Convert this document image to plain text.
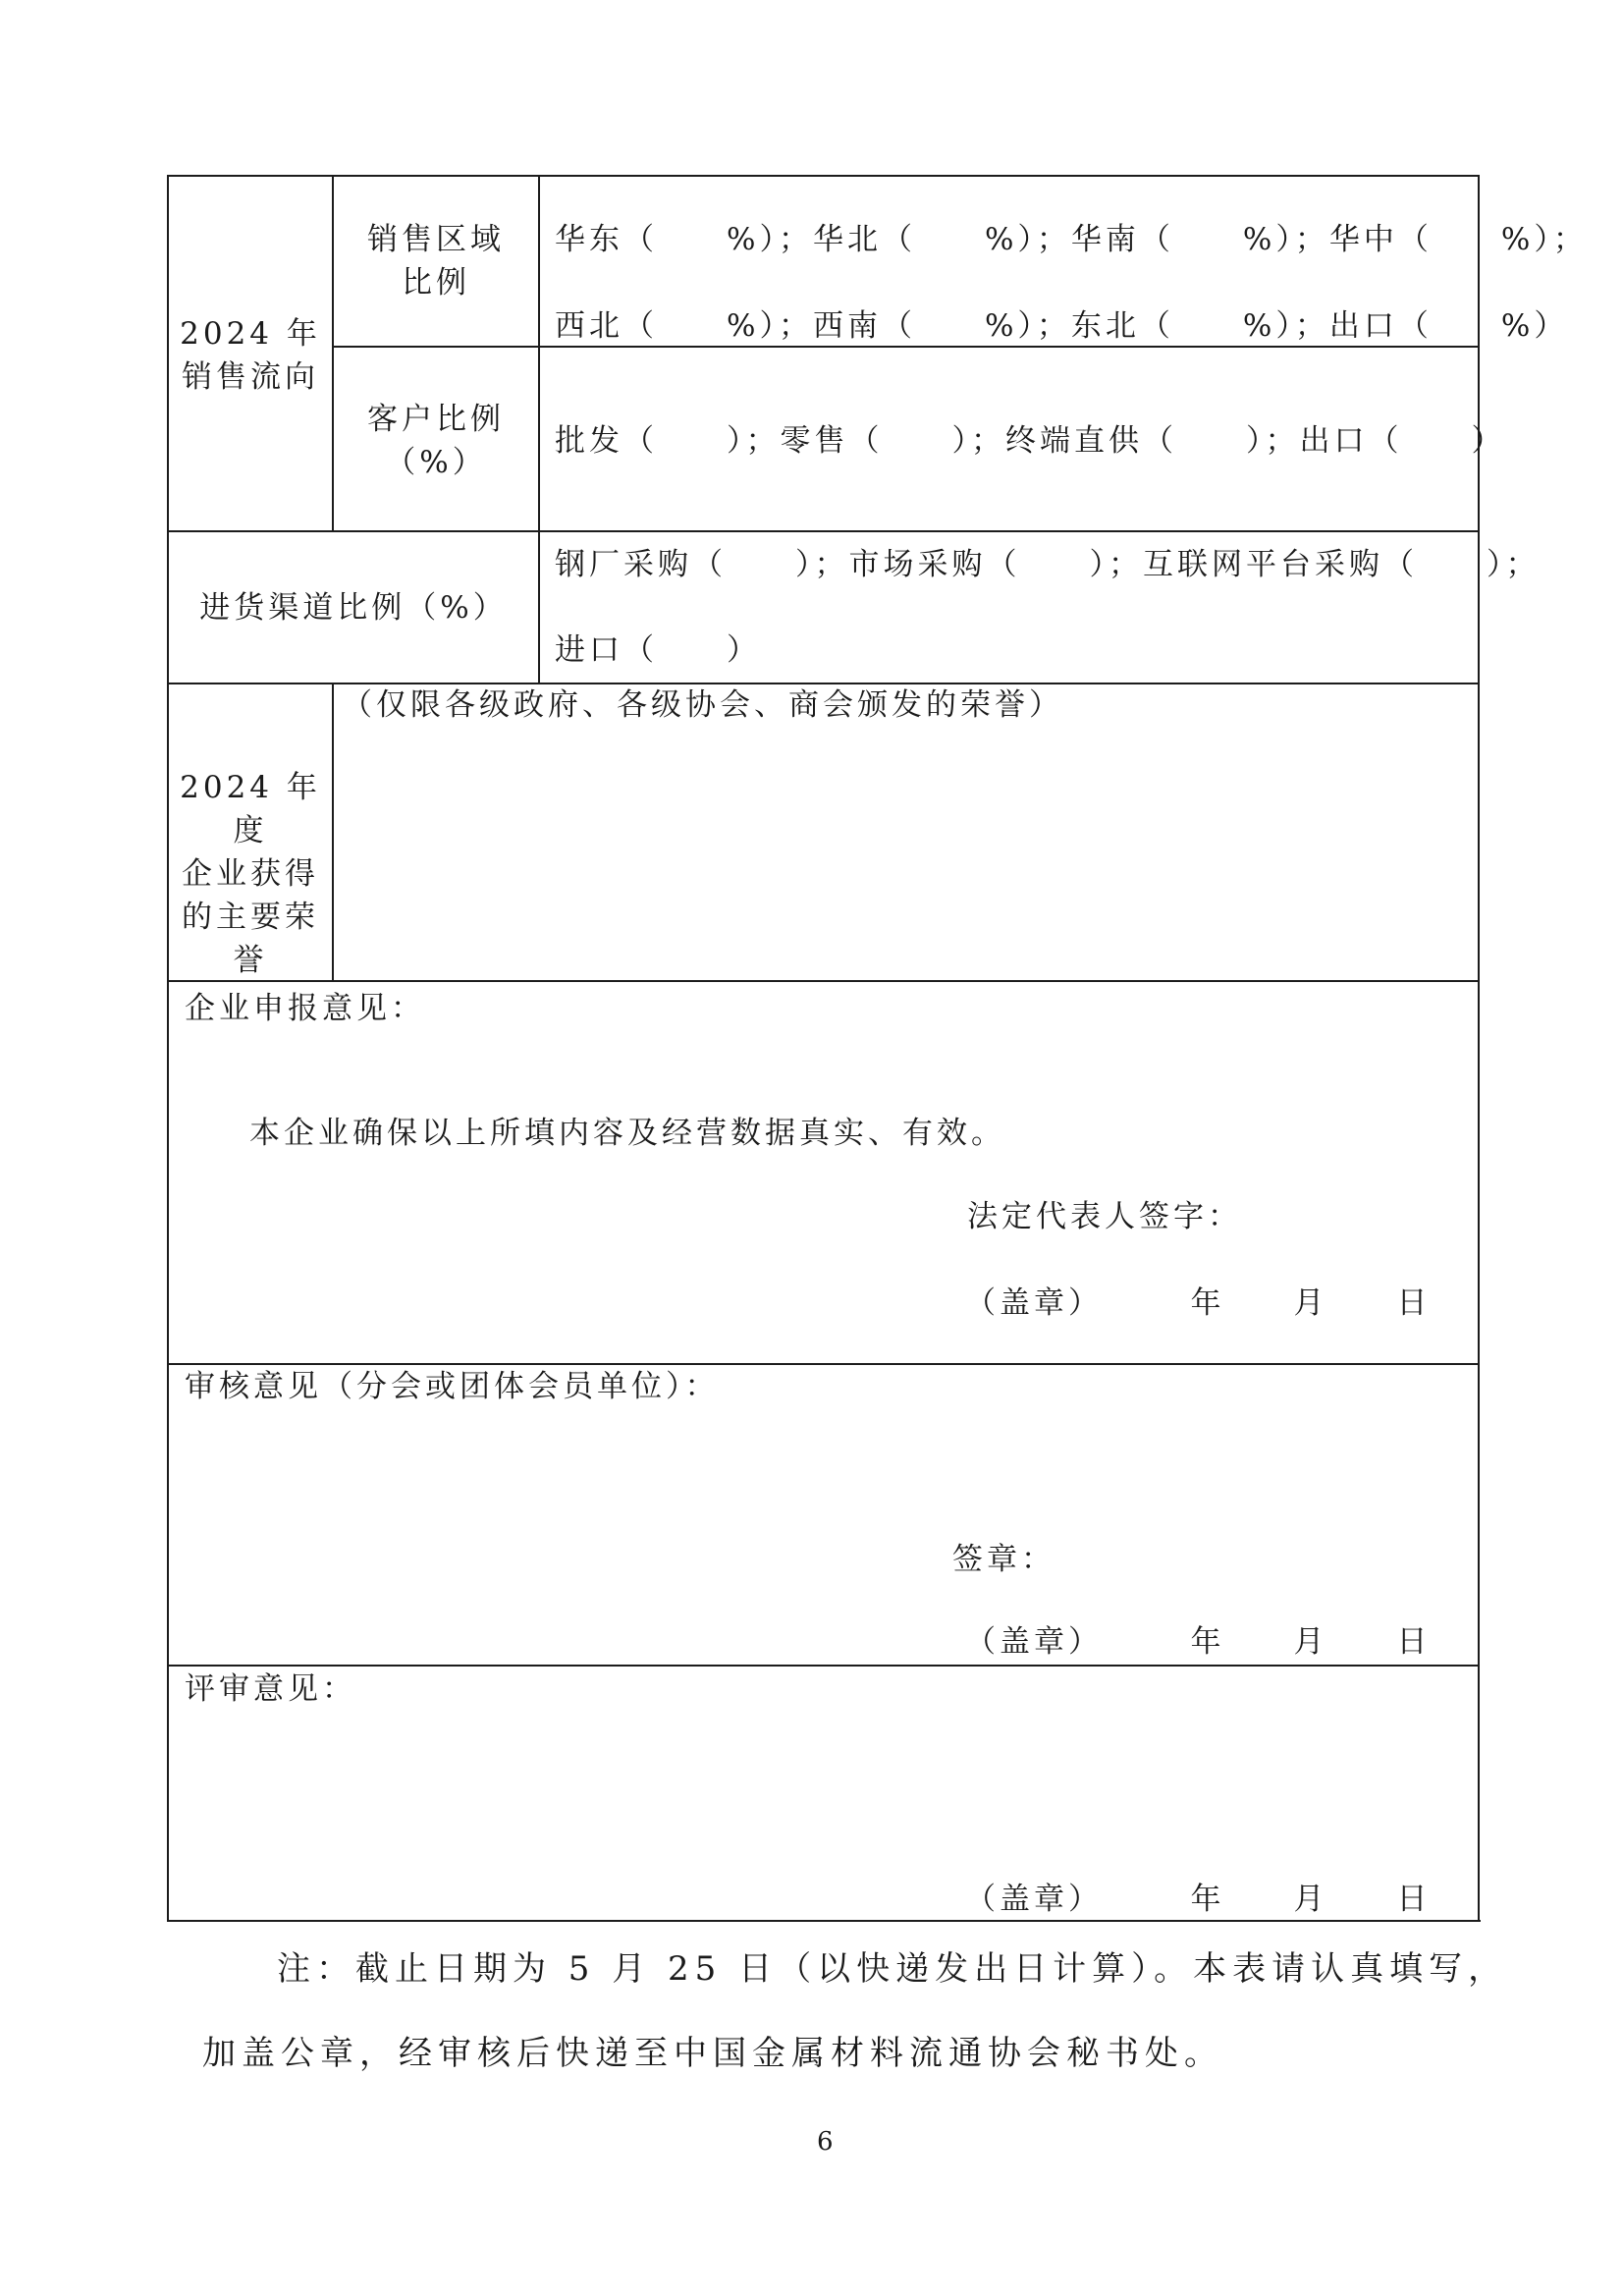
2024 年
销售流向
销售区域
比例
华东（　　%）；华北（　　%）；华南（　　%）；华中（　　%）；
西北（　　%）；西南（　　%）；东北（　　%）；出口（　　%）
客户比例
（%）
批发（　　）；零售（　　）；终端直供（　　）；出口（　　）
进货渠道比例（%）
钢厂采购（　　）；市场采购（　　）；互联网平台采购（　　）；
进口（　　）
2024 年度
企业获得
的主要荣
誉
（仅限各级政府、各级协会、商会颁发的荣誉）
企业申报意见：
本企业确保以上所填内容及经营数据真实、有效。
法定代表人签字：
（盖章）　　　年　　月　　日
审核意见（分会或团体会员单位）：
签章：
（盖章）　　　年　　月　　日
评审意见：
（盖章）　　　年　　月　　日
注：截止日期为 5 月 25 日（以快递发出日计算）。本表请认真填写，
加盖公章，经审核后快递至中国金属材料流通协会秘书处。
6
